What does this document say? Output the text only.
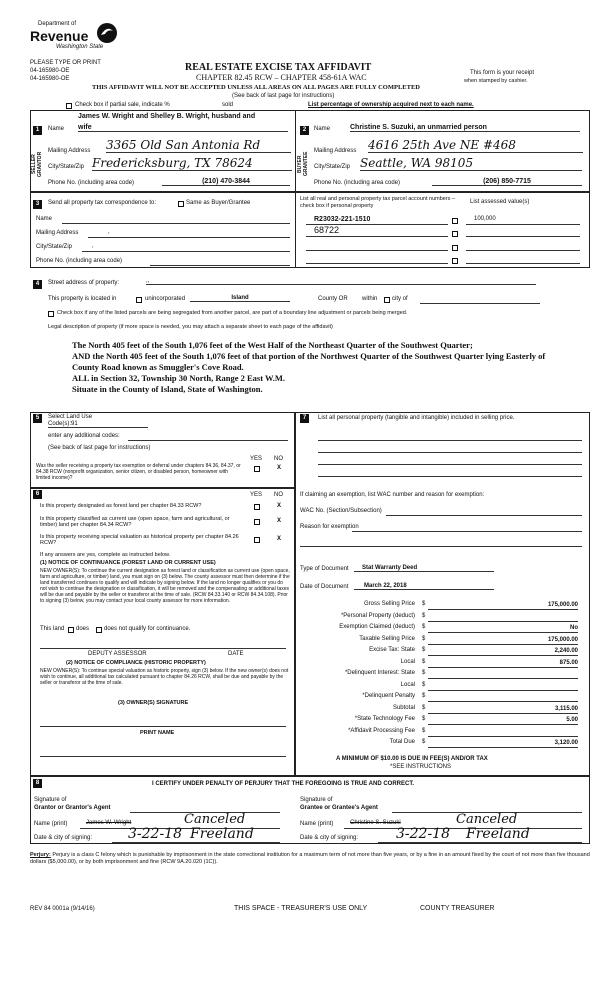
Department of
Revenue
Washington State
PLEASE TYPE OR PRINT
04-165980-OE
04-165980-OE
REAL ESTATE EXCISE TAX AFFIDAVIT
CHAPTER 82.45 RCW – CHAPTER 458-61A WAC	This form is your receipt
when stamped by cashier.
THIS AFFIDAVIT WILL NOT BE ACCEPTED UNLESS ALL AREAS ON ALL PAGES ARE FULLY COMPLETED
(See back of last page for instructions)
Check box if partial sale, indicate %	sold	List percentage of ownership acquired next to each name.
SELLER GRANTOR
1	Name
James W. Wright and Shelley B. Wright, husband and
wife
Mailing Address 3365 Old San Antonia Rd
City/State/Zip Fredericksburg, TX 78624
Phone No. (including area code)	(210) 470-3844
BUYER GRANTEE
2	Name	Christine S. Suzuki, an unmarried person
Mailing Address 4616 25th Ave NE #468
City/State/Zip Seattle, WA 98105
Phone No. (including area code)	(206) 850-7715
3	Send all property tax correspondence to:	Same as Buyer/Grantee
Name
Mailing Address	,
City/State/Zip	,
Phone No. (including area code)
List all real and personal property tax parcel account numbers – check box if personal property
List assessed value(s)
R23032-221-1510	100,000
68722
4	Street address of property:	,,
This property is located in	unincorporated	Island	County OR within city of
Check box if any of the listed parcels are being segregated from another parcel, are part of a boundary line adjustment or parcels being merged.
Legal description of property (if more space is needed, you may attach a separate sheet to each page of the affidavit)
The North 405 feet of the South 1,076 feet of the West Half of the Northeast Quarter of the Southwest Quarter;
AND the North 405 feet of the South 1,076 feet of that portion of the Northwest Quarter of the Southwest Quarter lying Easterly of County Road known as Smuggler's Cove Road.
ALL in Section 32, Township 30 North, Range 2 East W.M.
Situate in the County of Island, State of Washington.
5	Select Land Use
Code(s):91
enter any additional codes:
(See back of last page for instructions)
YES NO
Was the seller receiving a property tax exemption or deferral under chapters 84.36, 84.37, or 84.38 RCW (nonprofit organization, senior citizen, or disabled person, homeowner with limited income)?
X
6	YES NO
Is this property designated as forest land per chapter 84.33 RCW?	X
Is this property classified as current use (open space, farm and agricultural, or timber) land per chapter 84.34 RCW?
X
Is this property receiving special valuation as historical property per chapter 84.26 RCW?
X
If any answers are yes, complete as instructed below.
(1) NOTICE OF CONTINUANCE (FOREST LAND OR CURRENT USE)
NEW OWNER(S): To continue the current designation as forest land or classification as current use (open space, farm and agriculture, or timber) land, you must sign on (3) below. The county assessor must then determine if the land transferred continues to qualify and will indicate by signing below. If the land no longer qualifies or you do not wish to continue the designation or classification, it will be removed and the compensating or additional taxes will be due and payable by the seller or transferor at the time of sale. (RCW 84.33.140 or RCW 84.34.108). Prior to signing (3) below, you may contact your local county assessor for more information.
This land does does not qualify for continuance.
DEPUTY ASSESSOR	DATE
(2) NOTICE OF COMPLIANCE (HISTORIC PROPERTY)
NEW OWNER(S): To continue special valuation as historic property, sign (3) below. If the new owner(s) does not wish to continue, all additional tax calculated pursuant to chapter 84.26 RCW, shall be due and payable by the seller or transferor at the time of sale.
(3) OWNER(S) SIGNATURE
PRINT NAME
7	List all personal property (tangible and intangible) included in selling price.
If claiming an exemption, list WAC number and reason for exemption:
WAC No. (Section/Subsection)
Reason for exemption
Type of Document	Stat Warranty Deed
Date of Document	March 22, 2018
Gross Selling Price $	175,000.00
*Personal Property (deduct) $
Exemption Claimed (deduct) $	No
Taxable Selling Price $	175,000.00
Excise Tax: State $	2,240.00
Local $	875.00
*Delinquent Interest: State $
Local $
*Delinquent Penalty $
Subtotal $	3,115.00
*State Technology Fee $	5.00
*Affidavit Processing Fee $
Total Due $	3,120.00
A MINIMUM OF $10.00 IS DUE IN FEE(S) AND/OR TAX
*SEE INSTRUCTIONS
8	I CERTIFY UNDER PENALTY OF PERJURY THAT THE FOREGOING IS TRUE AND CORRECT.
Signature of
Grantor or Grantor's Agent
Name (print)	James W. Wright	Canceled
Date & city of signing:	3-22-18 Freeland
Signature of
Grantee or Grantee's Agent
Name (print)	Christine S. Suzuki	Canceled
Date & city of signing:	3-22-18 Freeland
Perjury: Perjury is a class C felony which is punishable by imprisonment in the state correctional institution for a maximum term of not more than five years, or by a fine in an amount fixed by the court of not more than five thousand dollars ($5,000.00), or by both imprisonment and fine (RCW 9A.20.020 (1C)).
REV 84 0001a (9/14/16)	THIS SPACE - TREASURER'S USE ONLY	COUNTY TREASURER
